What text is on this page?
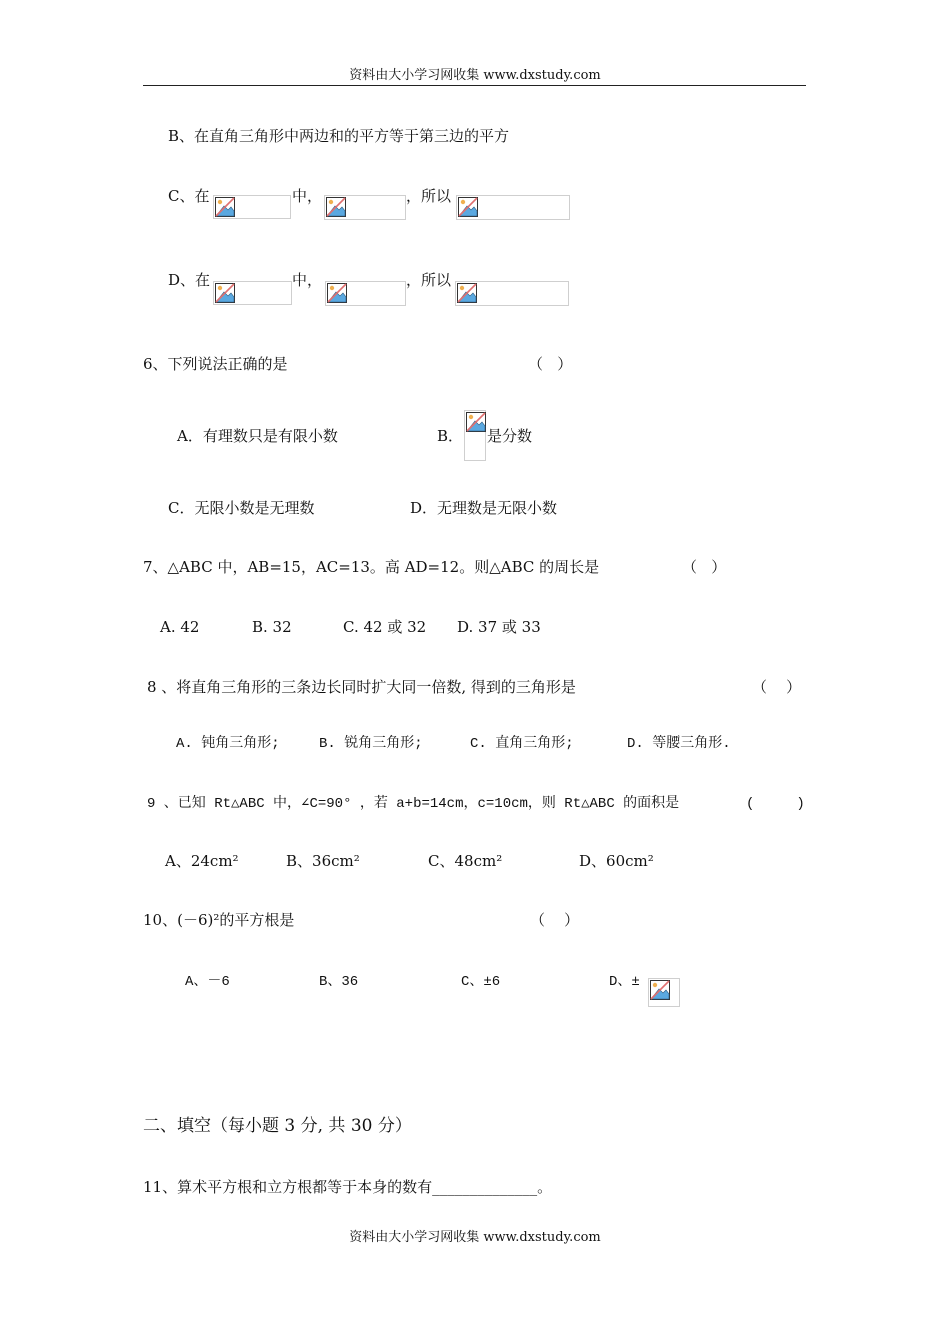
资料由大小学习网收集 www.dxstudy.com
B、在直角三角形中两边和的平方等于第三边的平方
C、在	中，	，所以
D、在	中，	，所以
6、下列说法正确的是	（   ）
A．有理数只是有限小数	B． 是分数
C．无限小数是无理数	D．无理数是无限小数
7、△ABC 中，AB=15，AC=13。高 AD=12。则△ABC 的周长是	（   ）
A. 42	B. 32	C. 42 或 32 D. 37 或 33
8 、将直角三角形的三条边长同时扩大同一倍数, 得到的三角形是	（    ）
A. 钝角三角形;	B. 锐角三角形;	C. 直角三角形;	D. 等腰三角形.
9 、已知 Rt△ABC 中，∠C=90° ，若 a+b=14cm，c=10cm，则 Rt△ABC 的面积是	(     )
A、24cm²	B、36cm²	C、48cm²	D、60cm²
10、(－6)²的平方根是	（    ）
A、－6	B、36	C、±6	D、±
二、填空（每小题 3 分, 共 30 分）
11、算术平方根和立方根都等于本身的数有______________。
资料由大小学习网收集 www.dxstudy.com
